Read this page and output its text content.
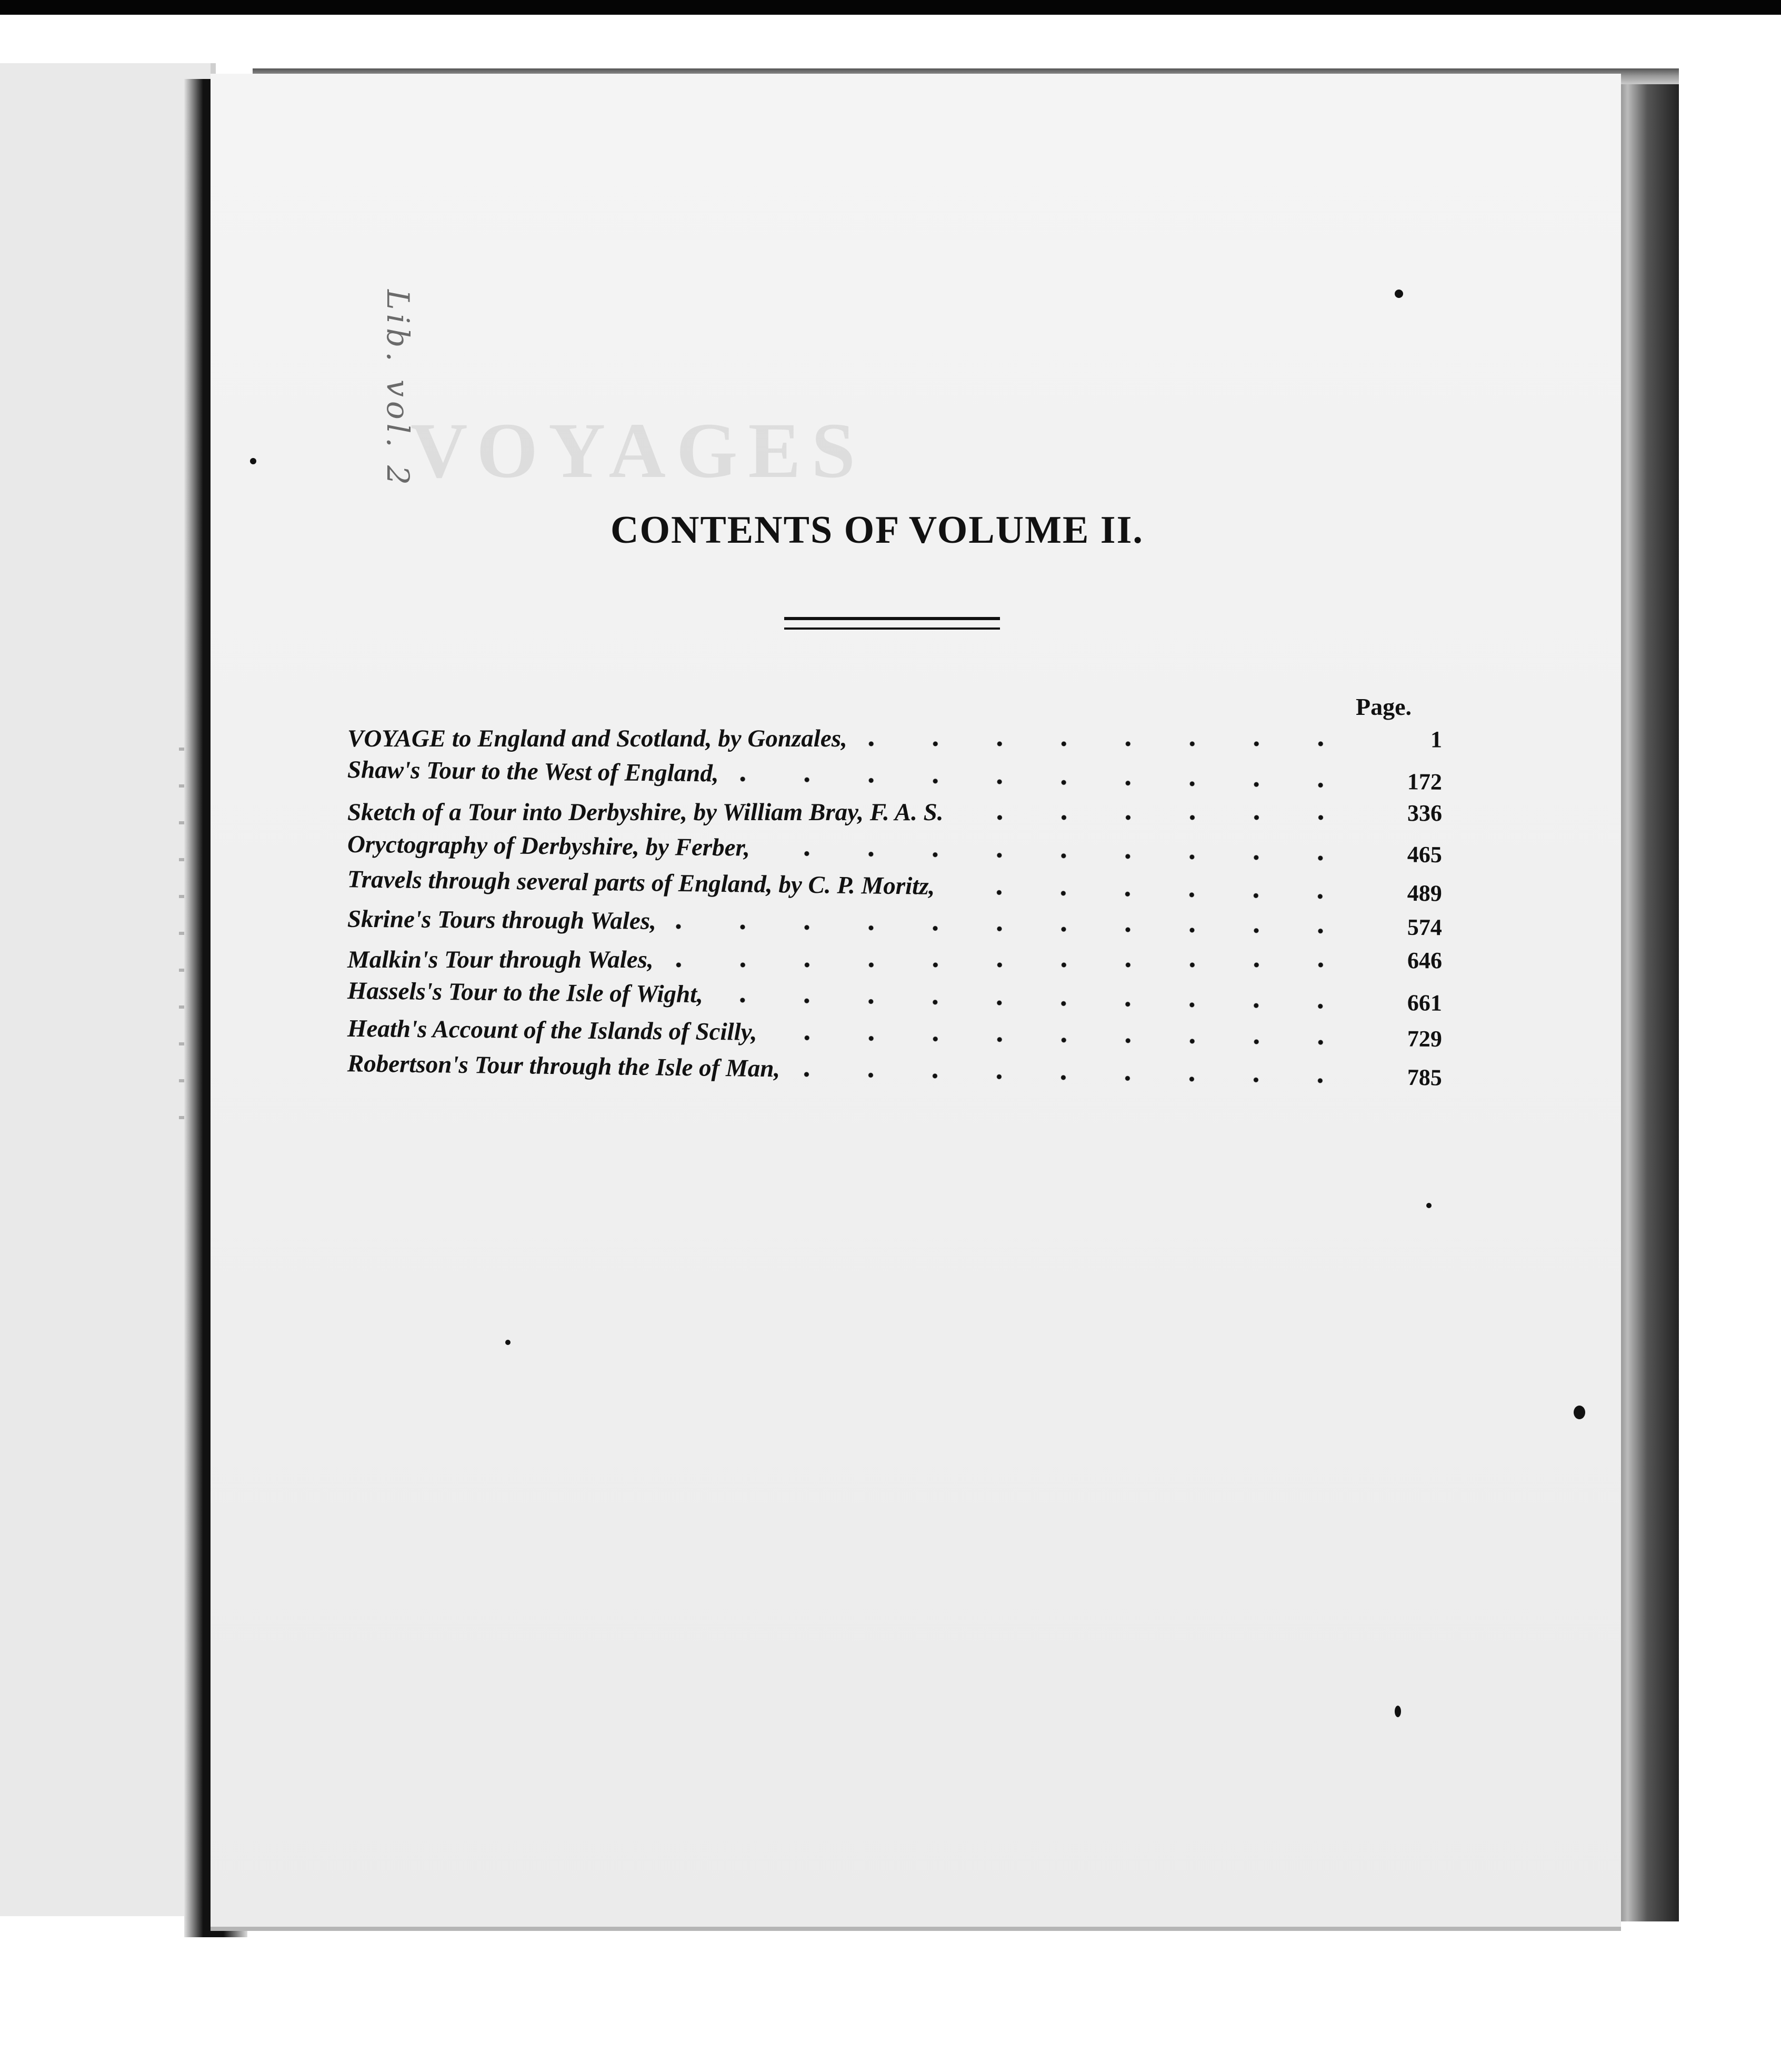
VOYAGES
CONTENTS OF VOLUME II.
Page.
VOYAGE to England and Scotland, by Gonzales,	1
Shaw's Tour to the West of England,	172
Sketch of a Tour into Derbyshire, by William Bray, F. A. S.	336
Oryctography of Derbyshire, by Ferber,	465
Travels through several parts of England, by C. P. Moritz,	489
Skrine's Tours through Wales,	574
Malkin's Tour through Wales,	646
Hassels's Tour to the Isle of Wight,	661
Heath's Account of the Islands of Scilly,	729
Robertson's Tour through the Isle of Man,	785
